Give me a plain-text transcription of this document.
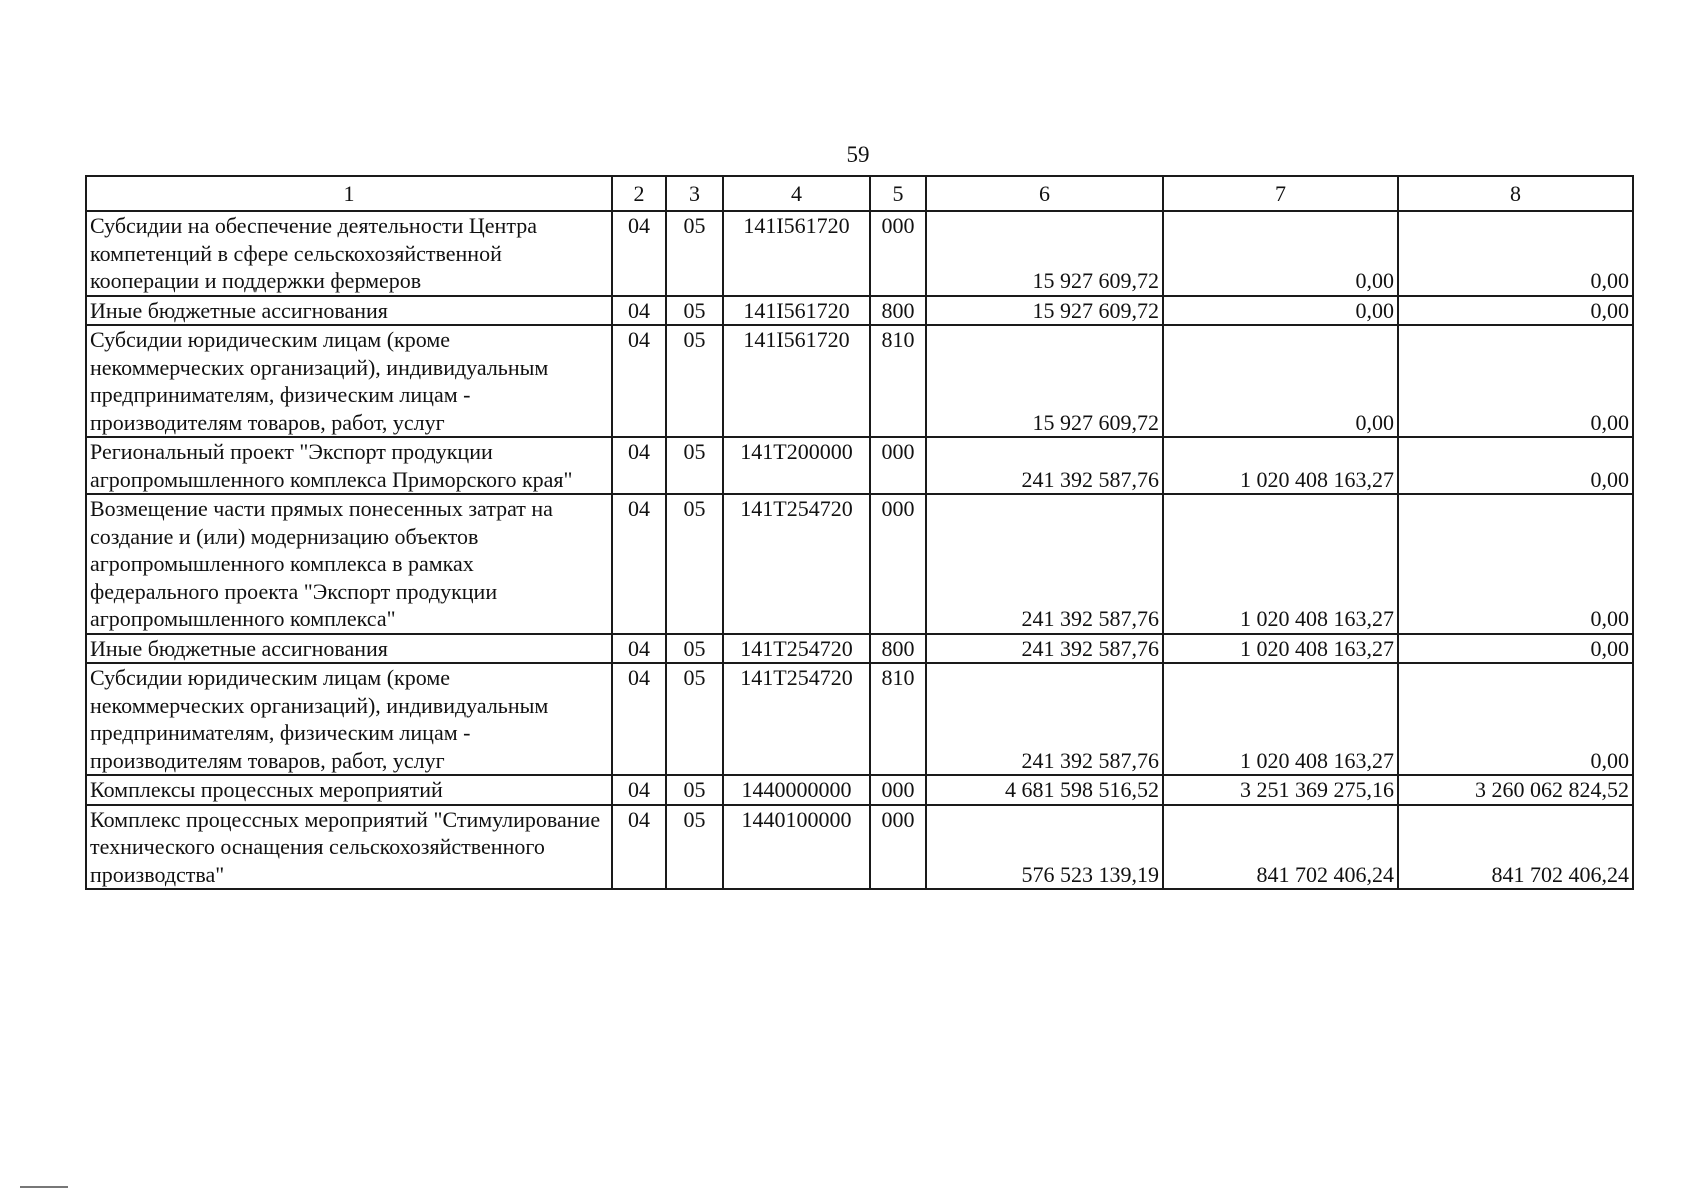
59
1	2	3	4	5	6	7	8
Субсидии на обеспечение деятельности Центра компетенций в сфере сельскохозяйственной кооперации и поддержки фермеров	04	05	141I561720	000	15 927 609,72	0,00	0,00
Иные бюджетные ассигнования	04	05	141I561720	800	15 927 609,72	0,00	0,00
Субсидии юридическим лицам (кроме некоммерческих организаций), индивидуальным предпринимателям, физическим лицам - производителям товаров, работ, услуг	04	05	141I561720	810	15 927 609,72	0,00	0,00
Региональный проект "Экспорт продукции агропромышленного комплекса Приморского края"	04	05	141T200000	000	241 392 587,76	1 020 408 163,27	0,00
Возмещение части прямых понесенных затрат на создание и (или) модернизацию объектов агропромышленного комплекса в рамках федерального проекта "Экспорт продукции агропромышленного комплекса"	04	05	141T254720	000	241 392 587,76	1 020 408 163,27	0,00
Иные бюджетные ассигнования	04	05	141T254720	800	241 392 587,76	1 020 408 163,27	0,00
Субсидии юридическим лицам (кроме некоммерческих организаций), индивидуальным предпринимателям, физическим лицам - производителям товаров, работ, услуг	04	05	141T254720	810	241 392 587,76	1 020 408 163,27	0,00
Комплексы процессных мероприятий	04	05	1440000000	000	4 681 598 516,52	3 251 369 275,16	3 260 062 824,52
Комплекс процессных мероприятий "Стимулирование технического оснащения сельскохозяйственного производства"	04	05	1440100000	000	576 523 139,19	841 702 406,24	841 702 406,24
